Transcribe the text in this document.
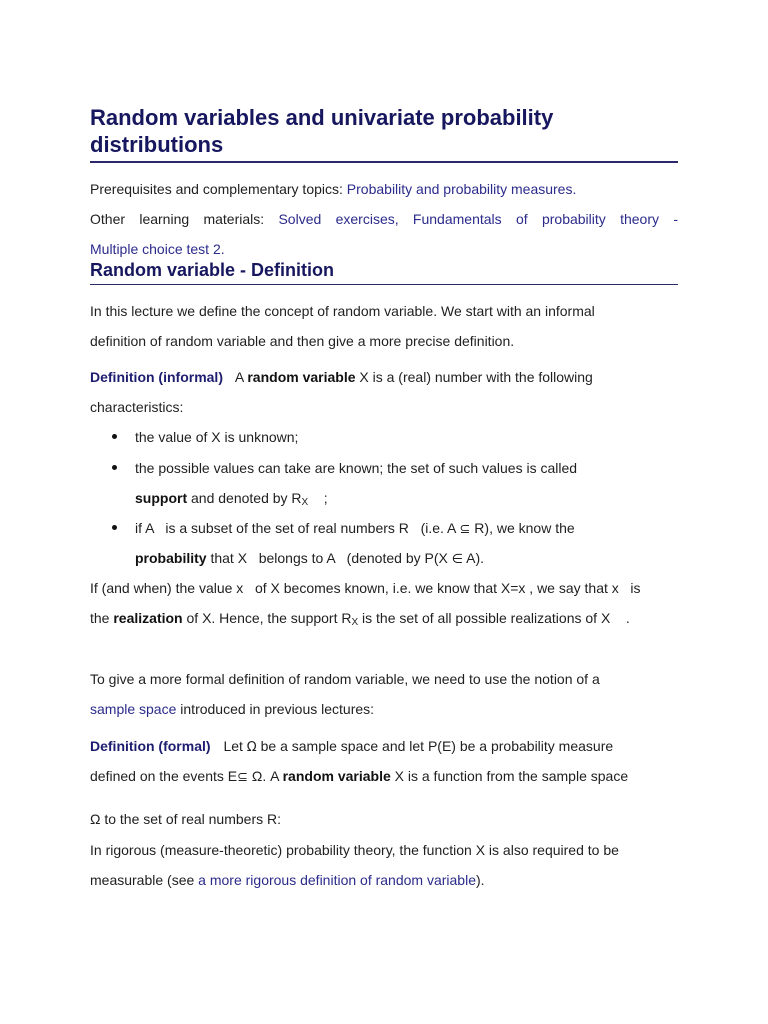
Random variables and univariate probability distributions
Prerequisites and complementary topics: Probability and probability measures.
Other learning materials: Solved exercises, Fundamentals of probability theory -
Multiple choice test 2.
Random variable - Definition
In this lecture we define the concept of random variable. We start with an informal
definition of random variable and then give a more precise definition.
Definition (informal) A random variable X is a (real) number with the following
characteristics:
the value of X is unknown;
the possible values can take are known; the set of such values is called
support and denoted by $R_X$    ;
if A   is a subset of the set of real numbers R   (i.e. A ⊆ R), we know the
probability that X   belongs to A   (denoted by P(X ∈ A).
If (and when) the value x   of X becomes known, i.e. we know that X=x , we say that x   is
the realization of X. Hence, the support $R_X$ is the set of all possible realizations of X    .
To give a more formal definition of random variable, we need to use the notion of a
sample space introduced in previous lectures:
Definition (formal) Let Ω be a sample space and let P(E) be a probability measure
defined on the events E⊆ Ω. A random variable X is a function from the sample space
Ω to the set of real numbers R:
In rigorous (measure-theoretic) probability theory, the function X is also required to be
measurable (see a more rigorous definition of random variable).
